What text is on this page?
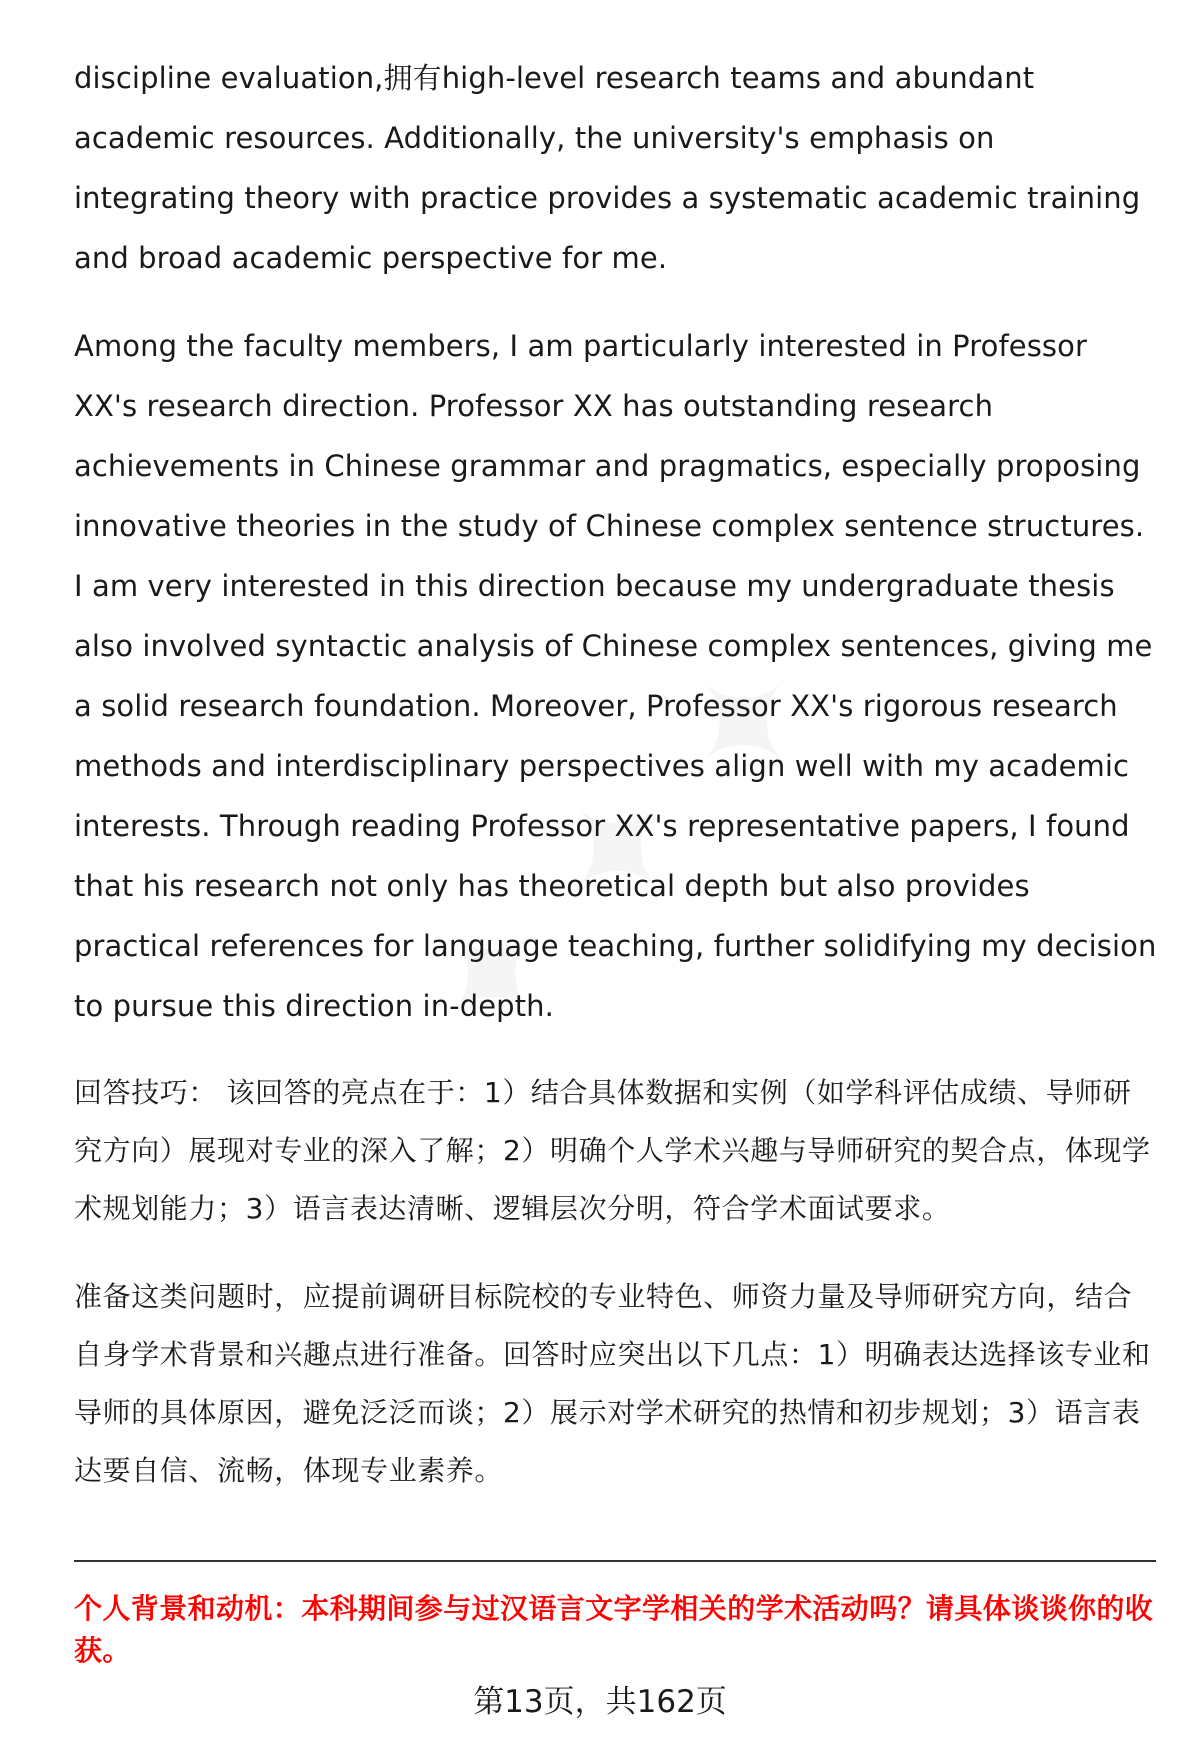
discipline evaluation,拥有high-level research teams and abundant academic resources. Additionally, the university's emphasis on integrating theory with practice provides a systematic academic training and broad academic perspective for me.

Among the faculty members, I am particularly interested in Professor XX's research direction. Professor XX has outstanding research achievements in Chinese grammar and pragmatics, especially proposing innovative theories in the study of Chinese complex sentence structures. I am very interested in this direction because my undergraduate thesis also involved syntactic analysis of Chinese complex sentences, giving me a solid research foundation. Moreover, Professor XX's rigorous research methods and interdisciplinary perspectives align well with my academic interests. Through reading Professor XX's representative papers, I found that his research not only has theoretical depth but also provides practical references for language teaching, further solidifying my decision to pursue this direction in-depth.

回答技巧： 该回答的亮点在于：1）结合具体数据和实例（如学科评估成绩、导师研究方向）展现对专业的深入了解；2）明确个人学术兴趣与导师研究的契合点，体现学术规划能力；3）语言表达清晰、逻辑层次分明，符合学术面试要求。

准备这类问题时，应提前调研目标院校的专业特色、师资力量及导师研究方向，结合自身学术背景和兴趣点进行准备。回答时应突出以下几点：1）明确表达选择该专业和导师的具体原因，避免泛泛而谈；2）展示对学术研究的热情和初步规划；3）语言表达要自信、流畅，体现专业素养。

个人背景和动机：本科期间参与过汉语言文字学相关的学术活动吗？请具体谈谈你的收获。

第13页，共162页
